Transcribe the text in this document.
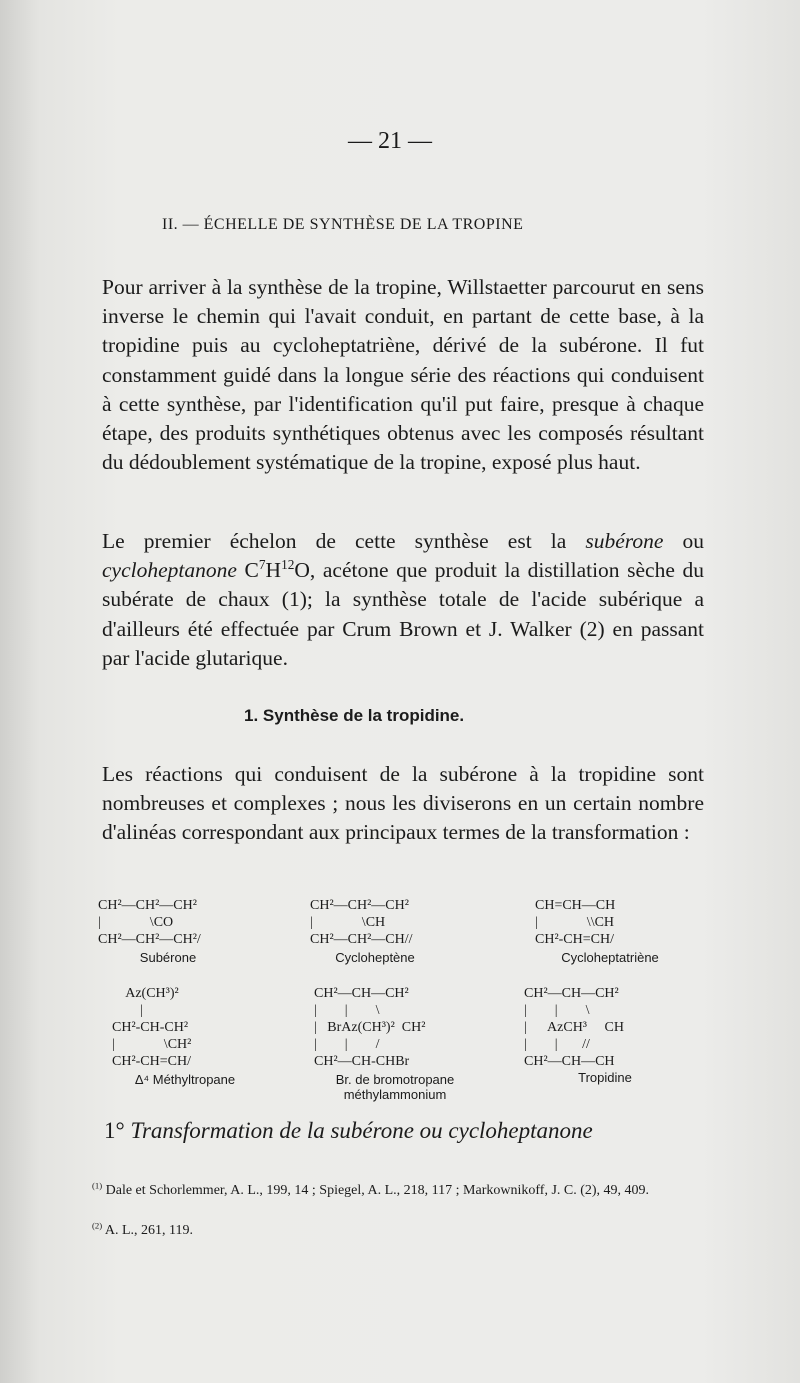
— 21 —
II. — ÉCHELLE DE SYNTHÈSE DE LA TROPINE
Pour arriver à la synthèse de la tropine, Willstaetter parcourut en sens inverse le chemin qui l'avait conduit, en partant de cette base, à la tropidine puis au cycloheptatriène, dérivé de la subérone. Il fut constamment guidé dans la longue série des réactions qui conduisent à cette synthèse, par l'identification qu'il put faire, presque à chaque étape, des produits synthétiques obtenus avec les composés résultant du dédoublement systématique de la tropine, exposé plus haut.
Le premier échelon de cette synthèse est la subérone ou cycloheptanone $C^7H^{12}O$, acétone que produit la distillation sèche du subérate de chaux (1); la synthèse totale de l'acide subérique a d'ailleurs été effectuée par Crum Brown et J. Walker (2) en passant par l'acide glutarique.
1. Synthèse de la tropidine.
Les réactions qui conduisent de la subérone à la tropidine sont nombreuses et complexes ; nous les diviserons en un certain nombre d'alinéas correspondant aux principaux termes de la transformation :
CH²—CH²—CH²
|              \CO
CH²—CH²—CH²/
Subérone
CH²—CH²—CH²
|              \CH
CH²—CH²—CH//
Cycloheptène
CH=CH—CH
|              \\CH
CH²-CH=CH/
Cycloheptatriène
Az(CH³)²
|
CH²-CH-CH²
|              \CH²
CH²-CH=CH/
Δ⁴ Méthyltropane
CH²—CH—CH²
|        |        \
|   BrAz(CH³)²  CH²
|        |        /
CH²—CH-CHBr
Br. de bromotropane
méthylammonium
CH²—CH—CH²
|        |        \
|      AzCH³     CH
|        |       //
CH²—CH—CH
Tropidine
1° Transformation de la subérone ou cycloheptanone
$^{(1)}$ Dale et Schorlemmer, A. L., 199, 14 ; Spiegel, A. L., 218, 117 ; Markownikoff, J. C. (2), 49, 409.
$^{(2)}$ A. L., 261, 119.
